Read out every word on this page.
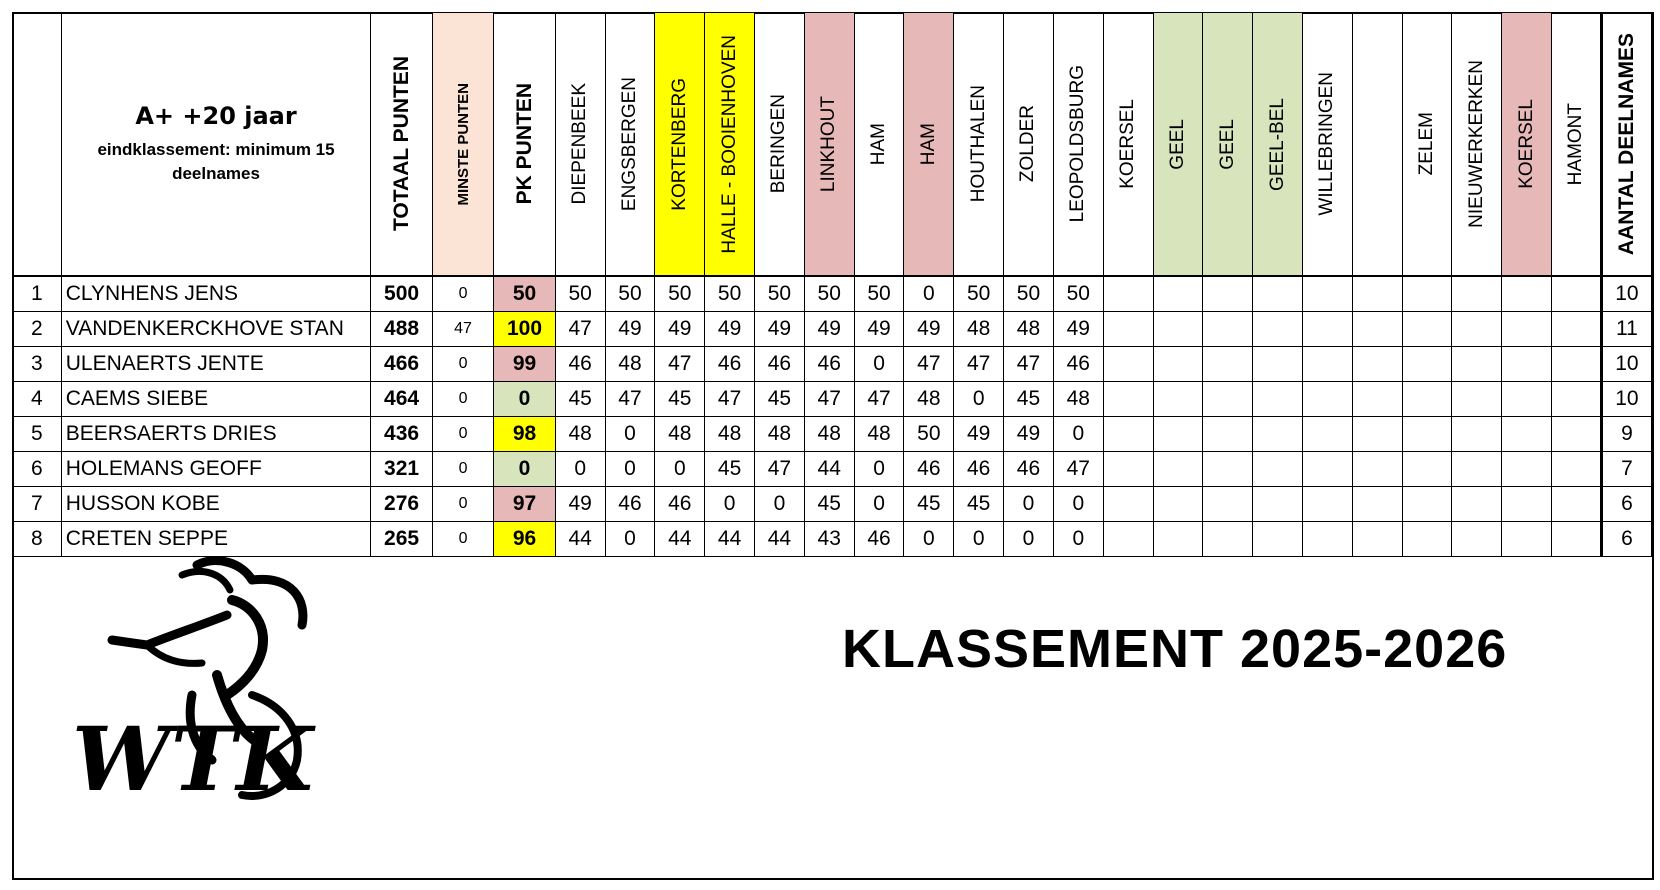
	A+ +20 jaar
eindklassement: minimum 15 deelnames	TOTAAL PUNTEN	MINSTE PUNTEN	PK PUNTEN	DIEPENBEEK	ENGSBERGEN	KORTENBERG	HALLE - BOOIENHOVEN	BERINGEN	LINKHOUT	HAM	HAM	HOUTHALEN	ZOLDER	LEOPOLDSBURG	KOERSEL	GEEL	GEEL	GEEL-BEL	WILLEBRINGEN		ZELEM	NIEUWERKERKEN	KOERSEL	HAMONT	AANTAL DEELNAMES

1	CLYNHENS JENS	500	0	50	50	50	50	50	50	50	50	0	50	50	50											10
2	VANDENKERCKHOVE STAN	488	47	100	47	49	49	49	49	49	49	49	48	48	49											11
3	ULENAERTS JENTE	466	0	99	46	48	47	46	46	46	0	47	47	47	46											10
4	CAEMS SIEBE	464	0	0	45	47	45	47	45	47	47	48	0	45	48											10
5	BEERSAERTS DRIES	436	0	98	48	0	48	48	48	48	48	50	49	49	0											9
6	HOLEMANS GEOFF	321	0	0	0	0	0	45	47	44	0	46	46	46	47											7
7	HUSSON KOBE	276	0	97	49	46	46	0	0	45	0	45	45	0	0											6
8	CRETEN SEPPE	265	0	96	44	0	44	44	44	43	46	0	0	0	0											6
WTK
KLASSEMENT 2025-2026
